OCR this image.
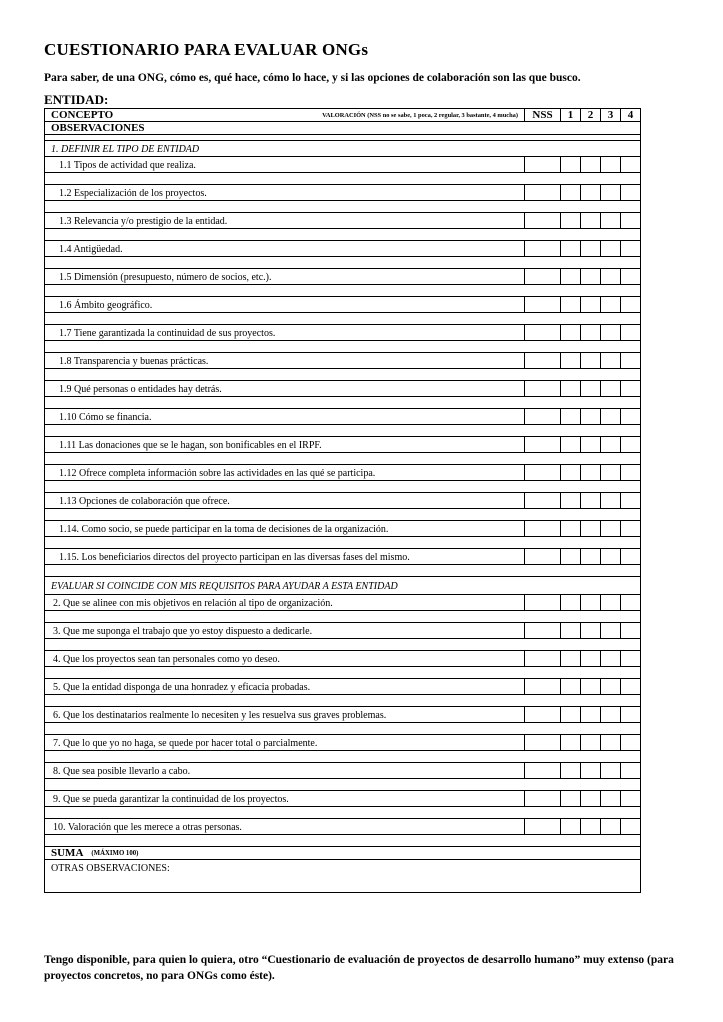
CUESTIONARIO PARA EVALUAR ONGs
Para saber, de una ONG, cómo es, qué hace, cómo lo hace, y si las opciones de colaboración son las que busco.
ENTIDAD:
CONCEPTO	VALORACIÓN (NSS no se sabe, 1 poca, 2 regular, 3 bastante, 4 mucha)	NSS	1	2	3	4
OBSERVACIONES
1. DEFINIR EL TIPO DE ENTIDAD
1.1 Tipos de actividad que realiza.
1.2 Especialización de los proyectos.
1.3 Relevancia y/o prestigio de la entidad.
1.4 Antigüedad.
1.5 Dimensión (presupuesto, número de socios, etc.).
1.6 Ámbito geográfico.
1.7 Tiene garantizada la continuidad de sus proyectos.
1.8 Transparencia y buenas prácticas.
1.9 Qué personas o entidades hay detrás.
1.10 Cómo se financia.
1.11 Las donaciones que se le hagan, son bonificables en el IRPF.
1.12 Ofrece completa información sobre las actividades en las qué se participa.
1.13 Opciones de colaboración que ofrece.
1.14. Como socio, se puede participar en la toma de decisiones de la organización.
1.15. Los beneficiarios directos del proyecto participan en las diversas fases del mismo.
EVALUAR SI COINCIDE CON MIS REQUISITOS PARA AYUDAR A ESTA ENTIDAD
2. Que se alinee con mis objetivos en relación al tipo de organización.
3. Que me suponga el trabajo que yo estoy dispuesto a dedicarle.
4. Que los proyectos sean tan personales como yo deseo.
5. Que la entidad disponga de una honradez y eficacia probadas.
6. Que los destinatarios realmente lo necesiten y les resuelva sus graves problemas.
7. Que lo que yo no haga, se quede por hacer total o parcialmente.
8. Que sea posible llevarlo a cabo.
9. Que se pueda garantizar la continuidad de los proyectos.
10. Valoración que les merece a otras personas.
SUMA (MÁXIMO 100)
OTRAS OBSERVACIONES:
Tengo disponible, para quien lo quiera, otro “Cuestionario de evaluación de proyectos de desarrollo humano” muy extenso (para proyectos concretos, no para ONGs como éste).
